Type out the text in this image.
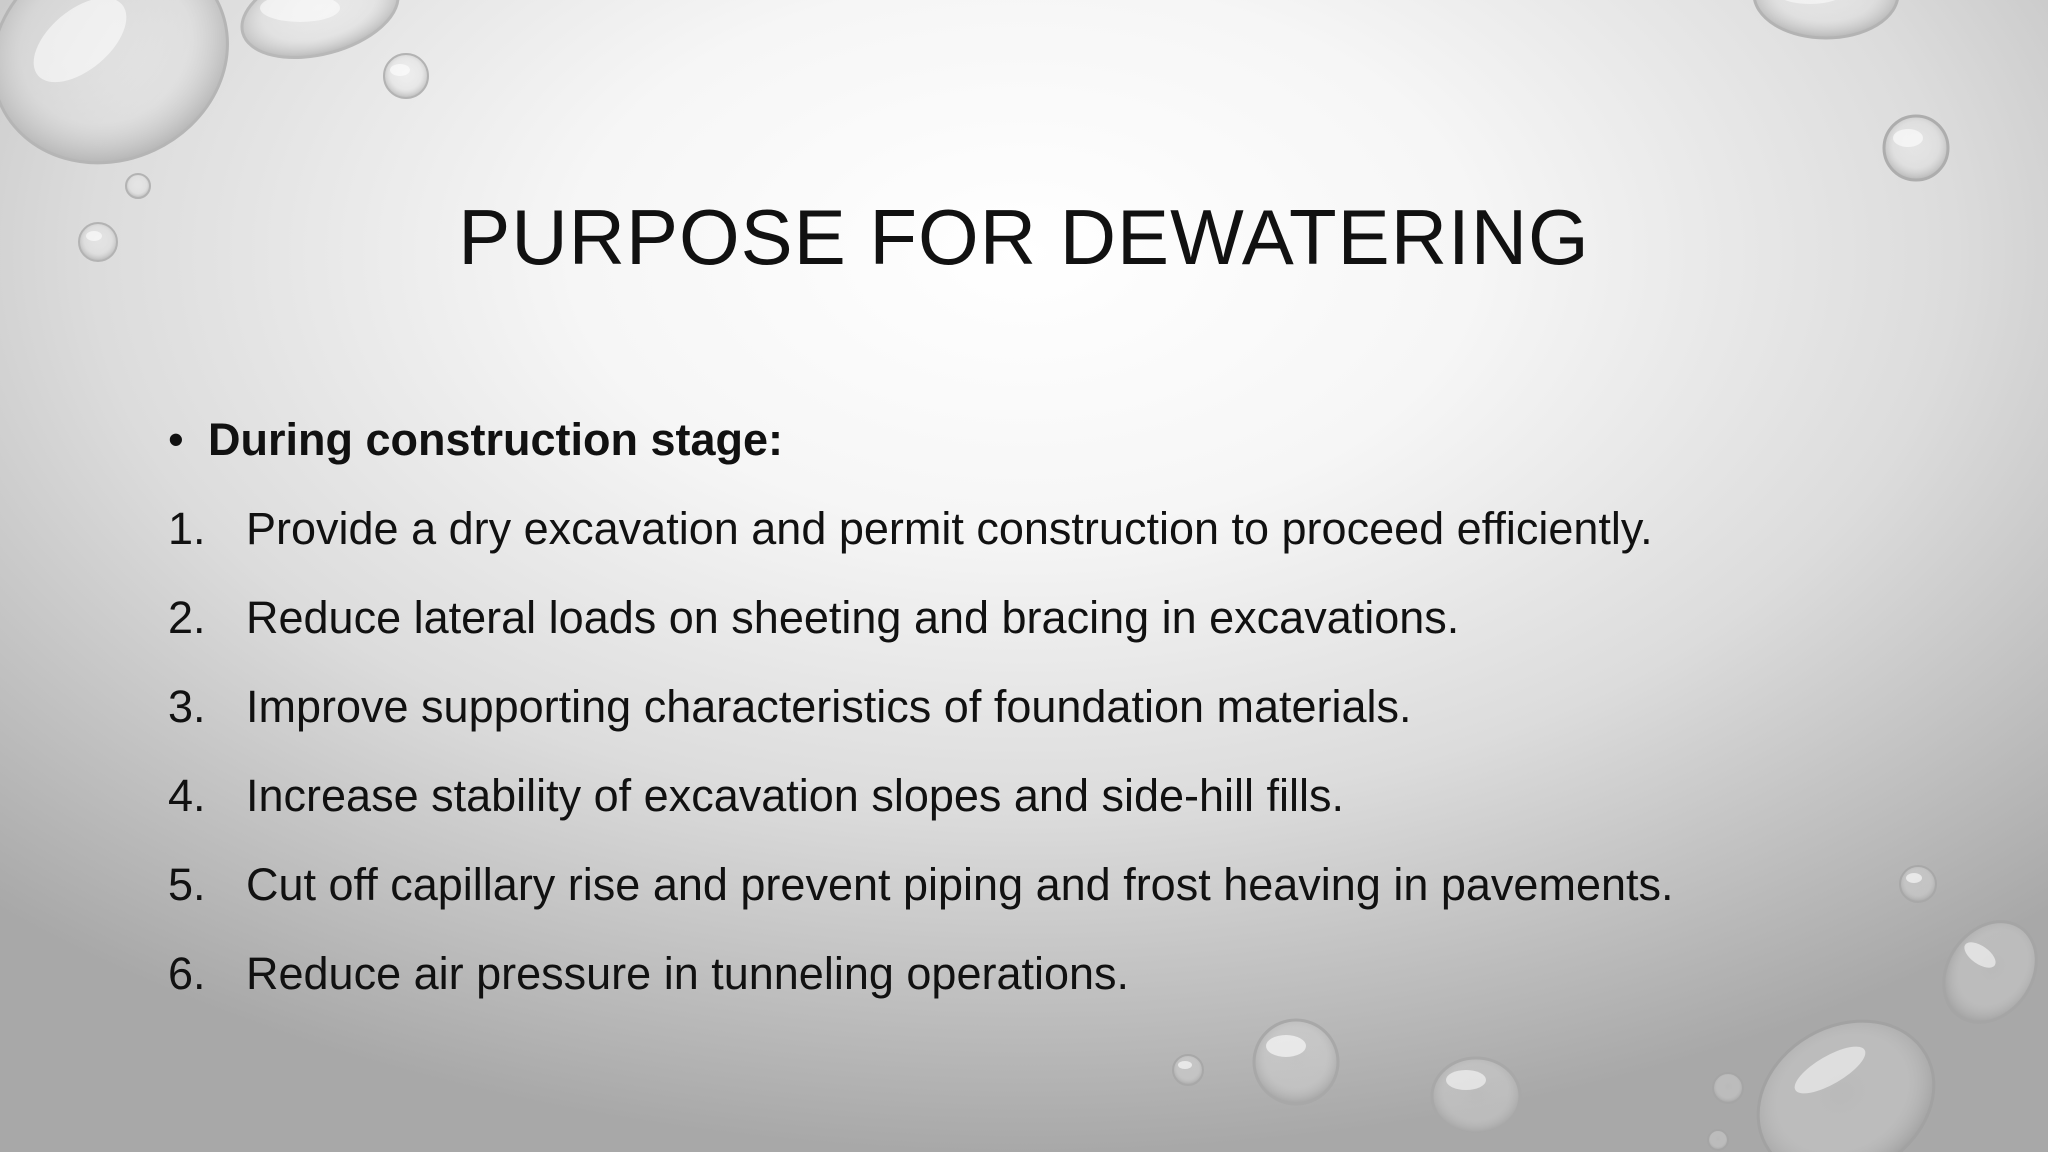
PURPOSE FOR DEWATERING
• During construction stage:
1. Provide a dry excavation and permit construction to proceed efficiently.
2. Reduce lateral loads on sheeting and bracing in excavations.
3. Improve supporting characteristics of foundation materials.
4. Increase stability of excavation slopes and side-hill fills.
5. Cut off capillary rise and prevent piping and frost heaving in pavements.
6. Reduce air pressure in tunneling operations.
